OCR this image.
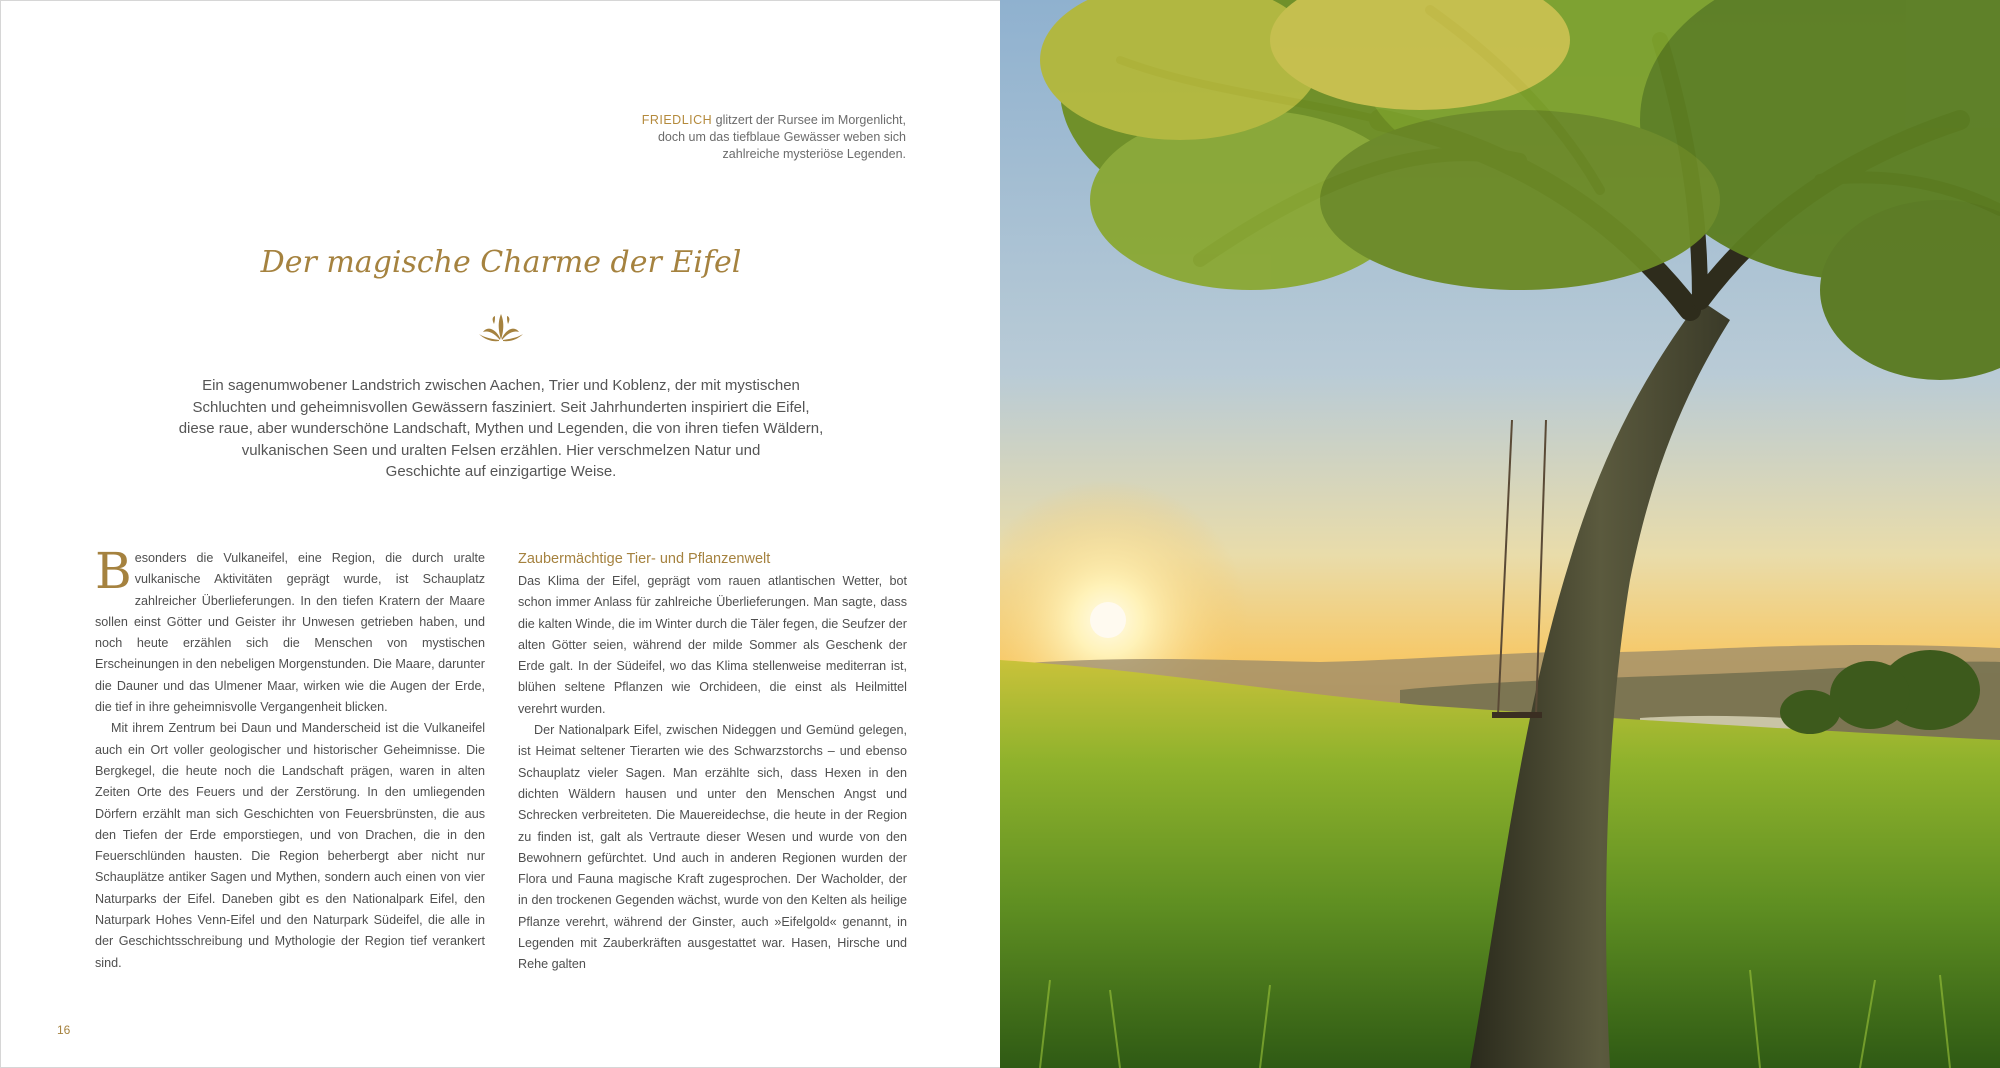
FRIEDLICH glitzert der Rursee im Morgenlicht,
doch um das tiefblaue Gewässer weben sich
zahlreiche mysteriöse Legenden.
Der magische Charme der Eifel
Ein sagenumwobener Landstrich zwischen Aachen, Trier und Koblenz, der mit mystischen
Schluchten und geheimnisvollen Gewässern fasziniert. Seit Jahrhunderten inspiriert die Eifel,
diese raue, aber wunderschöne Landschaft, Mythen und Legenden, die von ihren tiefen Wäldern,
vulkanischen Seen und uralten Felsen erzählen. Hier verschmelzen Natur und
Geschichte auf einzigartige Weise.

Besonders die Vulkaneifel, eine Region, die durch uralte vulkanische Aktivitäten geprägt wurde, ist Schauplatz zahlreicher Überlieferungen. In den tiefen Kratern der Maare sollen einst Götter und Geister ihr Unwesen getrieben haben, und noch heute erzählen sich die Menschen von mystischen Erscheinungen in den nebeligen Morgenstunden. Die Maare, darunter die Dauner und das Ulmener Maar, wirken wie die Augen der Erde, die tief in ihre geheimnisvolle Vergangenheit blicken.

Mit ihrem Zentrum bei Daun und Manderscheid ist die Vulkaneifel auch ein Ort voller geologischer und historischer Geheimnisse. Die Bergkegel, die heute noch die Landschaft prägen, waren in alten Zeiten Orte des Feuers und der Zerstörung. In den umliegenden Dörfern erzählt man sich Geschichten von Feuersbrünsten, die aus den Tiefen der Erde emporstiegen, und von Drachen, die in den Feuerschlünden hausten. Die Region beherbergt aber nicht nur Schauplätze antiker Sagen und Mythen, sondern auch einen von vier Naturparks der Eifel. Daneben gibt es den Nationalpark Eifel, den Naturpark Hohes Venn-Eifel und den Naturpark Südeifel, die alle in der Geschichtsschreibung und Mythologie der Region tief verankert sind.

Zaubermächtige Tier- und Pflanzenwelt

Das Klima der Eifel, geprägt vom rauen atlantischen Wetter, bot schon immer Anlass für zahlreiche Überlieferungen. Man sagte, dass die kalten Winde, die im Winter durch die Täler fegen, die Seufzer der alten Götter seien, während der milde Sommer als Geschenk der Erde galt. In der Südeifel, wo das Klima stellenweise mediterran ist, blühen seltene Pflanzen wie Orchideen, die einst als Heilmittel verehrt wurden.

Der Nationalpark Eifel, zwischen Nideggen und Gemünd gelegen, ist Heimat seltener Tierarten wie des Schwarzstorchs – und ebenso Schauplatz vieler Sagen. Man erzählte sich, dass Hexen in den dichten Wäldern hausen und unter den Menschen Angst und Schrecken verbreiteten. Die Mauereidechse, die heute in der Region zu finden ist, galt als Vertraute dieser Wesen und wurde von den Bewohnern gefürchtet. Und auch in anderen Regionen wurden der Flora und Fauna magische Kraft zugesprochen. Der Wacholder, der in den trockenen Gegenden wächst, wurde von den Kelten als heilige Pflanze verehrt, während der Ginster, auch »Eifelgold« genannt, in Legenden mit Zauberkräften ausgestattet war. Hasen, Hirsche und Rehe galten

16
